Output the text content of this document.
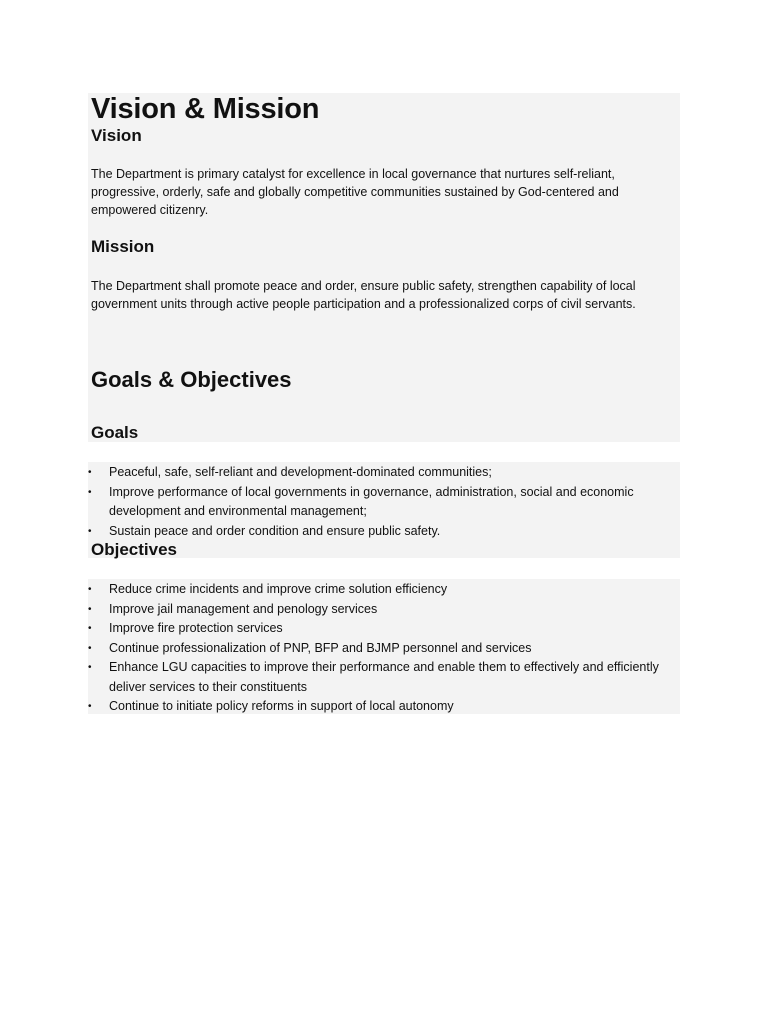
Vision & Mission
Vision

The Department is primary catalyst for excellence in local governance that nurtures self-reliant, progressive, orderly, safe and globally competitive communities sustained by God-centered and empowered citizenry.

Mission

The Department shall promote peace and order, ensure public safety, strengthen capability of local government units through active people participation and a professionalized corps of civil servants.

Goals & Objectives
Goals
• Peaceful, safe, self-reliant and development-dominated communities;
• Improve performance of local governments in governance, administration, social and economic development and environmental management;
• Sustain peace and order condition and ensure public safety.
Objectives
• Reduce crime incidents and improve crime solution efficiency
• Improve jail management and penology services
• Improve fire protection services
• Continue professionalization of PNP, BFP and BJMP personnel and services
• Enhance LGU capacities to improve their performance and enable them to effectively and efficiently deliver services to their constituents
• Continue to initiate policy reforms in support of local autonomy
